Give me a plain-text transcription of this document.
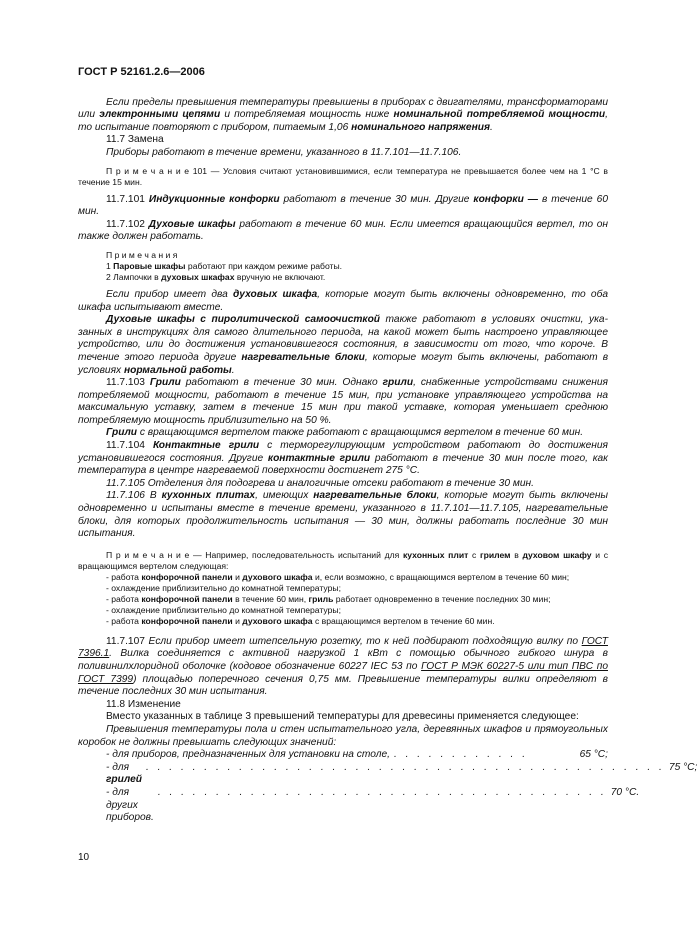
ГОСТ Р 52161.2.6—2006

Если пределы превышения температуры превышены в приборах с двигателями, трансформаторами или электронными цепями и потребляемая мощность ниже номинальной потребляемой мощности, то испытание повторяют с прибором, питаемым 1,06 номинального напряжения.

11.7 Замена

Приборы работают в течение времени, указанного в 11.7.101—11.7.106.

П р и м е ч а н и е 101 — Условия считают установившимися, если температура не превышается более чем на 1 °С в течение 15 мин.

11.7.101 Индукционные конфорки работают в течение 30 мин. Другие конфорки — в течение 60 мин.

11.7.102 Духовые шкафы работают в течение 60 мин. Если имеется вращающийся вертел, то он также должен работать.

П р и м е ч а н и я

1 Паровые шкафы работают при каждом режиме работы.

2 Лампочки в духовых шкафах вручную не включают.

Если прибор имеет два духовых шкафа, которые могут быть включены одновременно, то оба шкафа испытывают вместе.

Духовые шкафы с пиролитической самоочисткой также работают в условиях очистки, указанных в инструкциях для самого длительного периода, на какой может быть настроено управляющее устройство, или до достижения установившегося состояния, в зависимости от того, что короче. В течение этого периода другие нагревательные блоки, которые могут быть включены, работают в условиях нормальной работы.

11.7.103 Грили работают в течение 30 мин. Однако грили, снабженные устройствами снижения потребляемой мощности, работают в течение 15 мин, при установке управляющего устройства на максимальную уставку, затем в течение 15 мин при такой уставке, которая уменьшает среднюю потребляемую мощность приблизительно на 50 %.

Грили с вращающимся вертелом также работают с вращающимся вертелом в течение 60 мин.

11.7.104 Контактные грили с терморегулирующим устройством работают до достижения установившегося состояния. Другие контактные грили работают в течение 30 мин после того, как температура в центре нагреваемой поверхности достигнет 275 °С.

11.7.105 Отделения для подогрева и аналогичные отсеки работают в течение 30 мин.

11.7.106 В кухонных плитах, имеющих нагревательные блоки, которые могут быть включены одновременно и испытаны вместе в течение времени, указанного в 11.7.101—11.7.105, нагревательные блоки, для которых продолжительность испытания — 30 мин, должны работать последние 30 мин испытания.

П р и м е ч а н и е — Например, последовательность испытаний для кухонных плит с грилем в духовом шкафу и с вращающимся вертелом следующая:

- работа конфорочной панели и духового шкафа и, если возможно, с вращающимся вертелом в течение 60 мин;

- охлаждение приблизительно до комнатной температуры;

- работа конфорочной панели в течение 60 мин, гриль работает одновременно в течение последних 30 мин;

- охлаждение приблизительно до комнатной температуры;

- работа конфорочной панели и духового шкафа с вращающимся вертелом в течение 60 мин.

11.7.107 Если прибор имеет штепсельную розетку, то к ней подбирают подходящую вилку по ГОСТ 7396.1. Вилка соединяется с активной нагрузкой 1 кВт с помощью обычного гибкого шнура в поливинилхлоридной оболочке (кодовое обозначение 60227 IEC 53 по ГОСТ Р МЭК 60227-5 или тип ПВС по ГОСТ 7399) площадью поперечного сечения 0,75 мм. Превышение температуры вилки определяют в течение последних 30 мин испытания.

11.8 Изменение

Вместо указанных в таблице 3 превышений температуры для древесины применяется следующее:

Превышения температуры пола и стен испытательного угла, деревянных шкафов и прямоугольных коробок не должны превышать следующих значений:

- для приборов, предназначенных для установки на столе, . . . . . . . . . . . .	65 °С;
- для грилей
. . . . . . . . . . . . . . . . . . . . . . . . . . . . . . . . . . . . . . . . . . . . . 75 °С;
- для других приборов.
. . . . . . . . . . . . . . . . . . . . . . . . . . . . . . . . . . . . . . . 70 °С.
10
